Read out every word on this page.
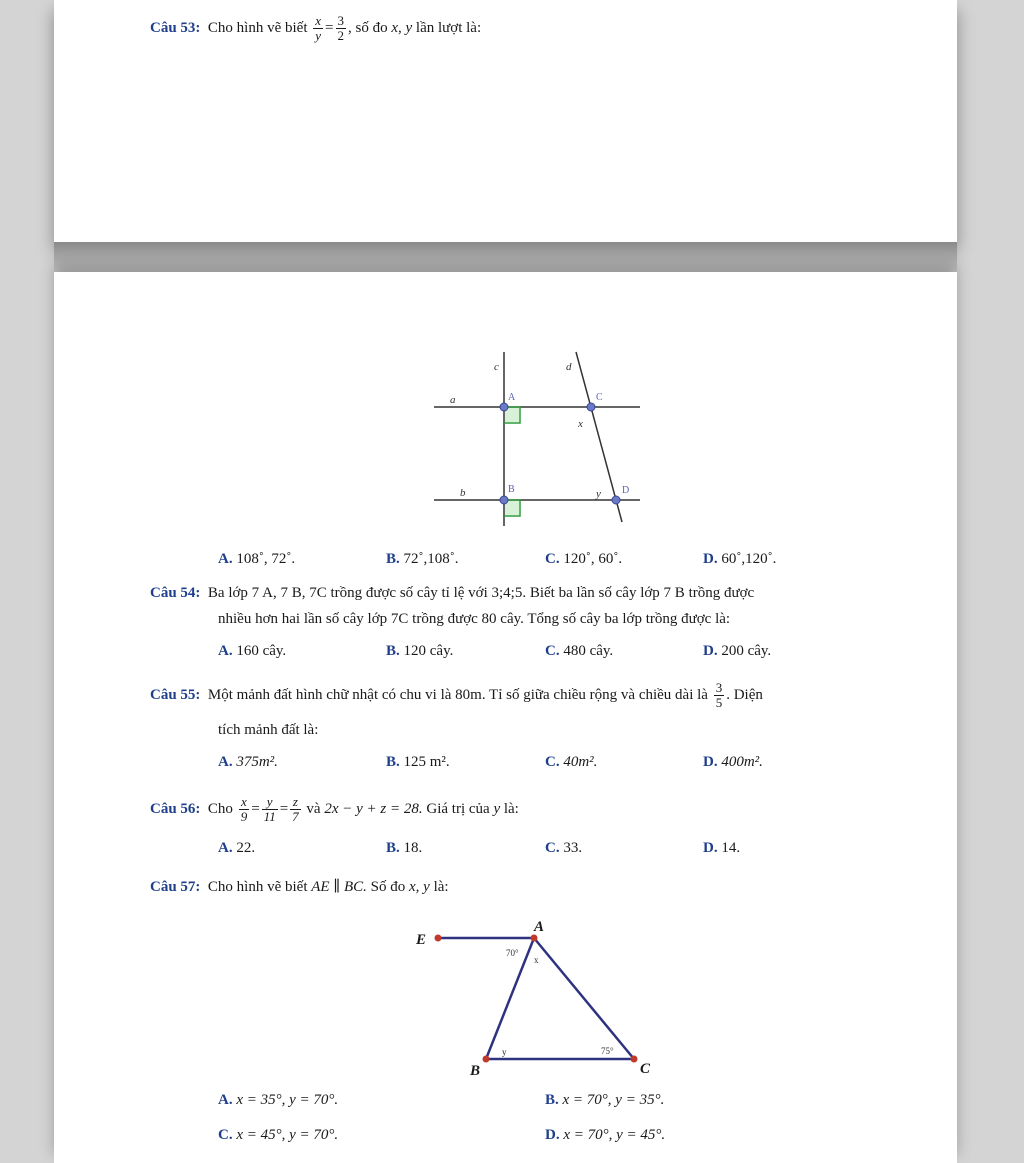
Câu 53: Cho hình vẽ biết $\frac{x}{y} = \frac{3}{2}$ , số đo x, y lần lượt là:
a
b
c	d
x
y
A
B
C
D
A. 108˚, 72˚.	B. 72˚,108˚.	C. 120˚, 60˚.	D. 60˚,120˚.
Câu 54: Ba lớp 7 A, 7 B, 7C trồng được số cây tỉ lệ với 3;4;5. Biết ba lần số cây lớp 7 B trồng được
nhiều hơn hai lần số cây lớp 7C trồng được 80 cây. Tổng số cây ba lớp trồng được là:
A. 160 cây.	B. 120 cây.	C. 480 cây.	D. 200 cây.
Câu 55: Một mảnh đất hình chữ nhật có chu vi là 80m. Tỉ số giữa chiều rộng và chiều dài là $\frac{3}{5}$ . Diện
tích mảnh đất là:
A. 375m².	B. 125 m².	C. 40m².	D. 400m².
Câu 56: Cho $\frac{x}{9} = \frac{y}{11} = \frac{z}{7}$ và 2x − y + z = 28. Giá trị của y là:
A. 22.	B. 18.	C. 33.	D. 14.
Câu 57: Cho hình vẽ biết AE ∥ BC. Số đo x, y là:
E
A
B	C
70°
x
y	75°
A. x = 35°, y = 70°.	B. x = 70°, y = 35°.
C. x = 45°, y = 70°.	D. x = 70°, y = 45°.
